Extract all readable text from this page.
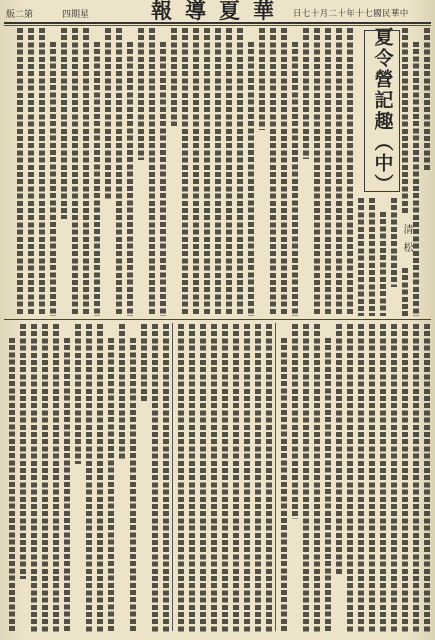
第二版	星期四	華夏導報 中華民國七十年十二月十七日
夏令營記趣（中）
清松
